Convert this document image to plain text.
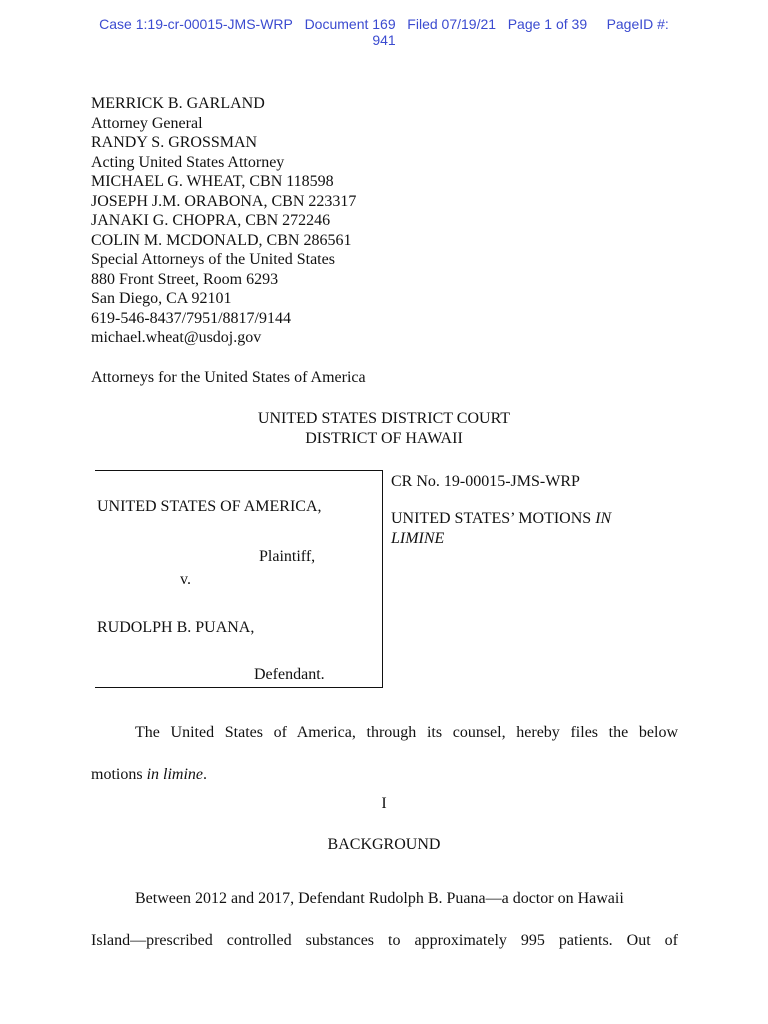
Case 1:19-cr-00015-JMS-WRP Document 169 Filed 07/19/21 Page 1 of 39 PageID #:
941
MERRICK B. GARLAND
Attorney General
RANDY S. GROSSMAN
Acting United States Attorney
MICHAEL G. WHEAT, CBN 118598
JOSEPH J.M. ORABONA, CBN 223317
JANAKI G. CHOPRA, CBN 272246
COLIN M. MCDONALD, CBN 286561
Special Attorneys of the United States
880 Front Street, Room 6293
San Diego, CA 92101
619-546-8437/7951/8817/9144
michael.wheat@usdoj.gov
Attorneys for the United States of America
UNITED STATES DISTRICT COURT
DISTRICT OF HAWAII
UNITED STATES OF AMERICA,
Plaintiff,
v.
RUDOLPH B. PUANA,
Defendant.
CR No. 19-00015-JMS-WRP
UNITED STATES’ MOTIONS IN LIMINE
The United States of America, through its counsel, hereby files the below
motions in limine.
I
BACKGROUND
Between 2012 and 2017, Defendant Rudolph B. Puana—a doctor on Hawaii
Island—prescribed controlled substances to approximately 995 patients. Out of
